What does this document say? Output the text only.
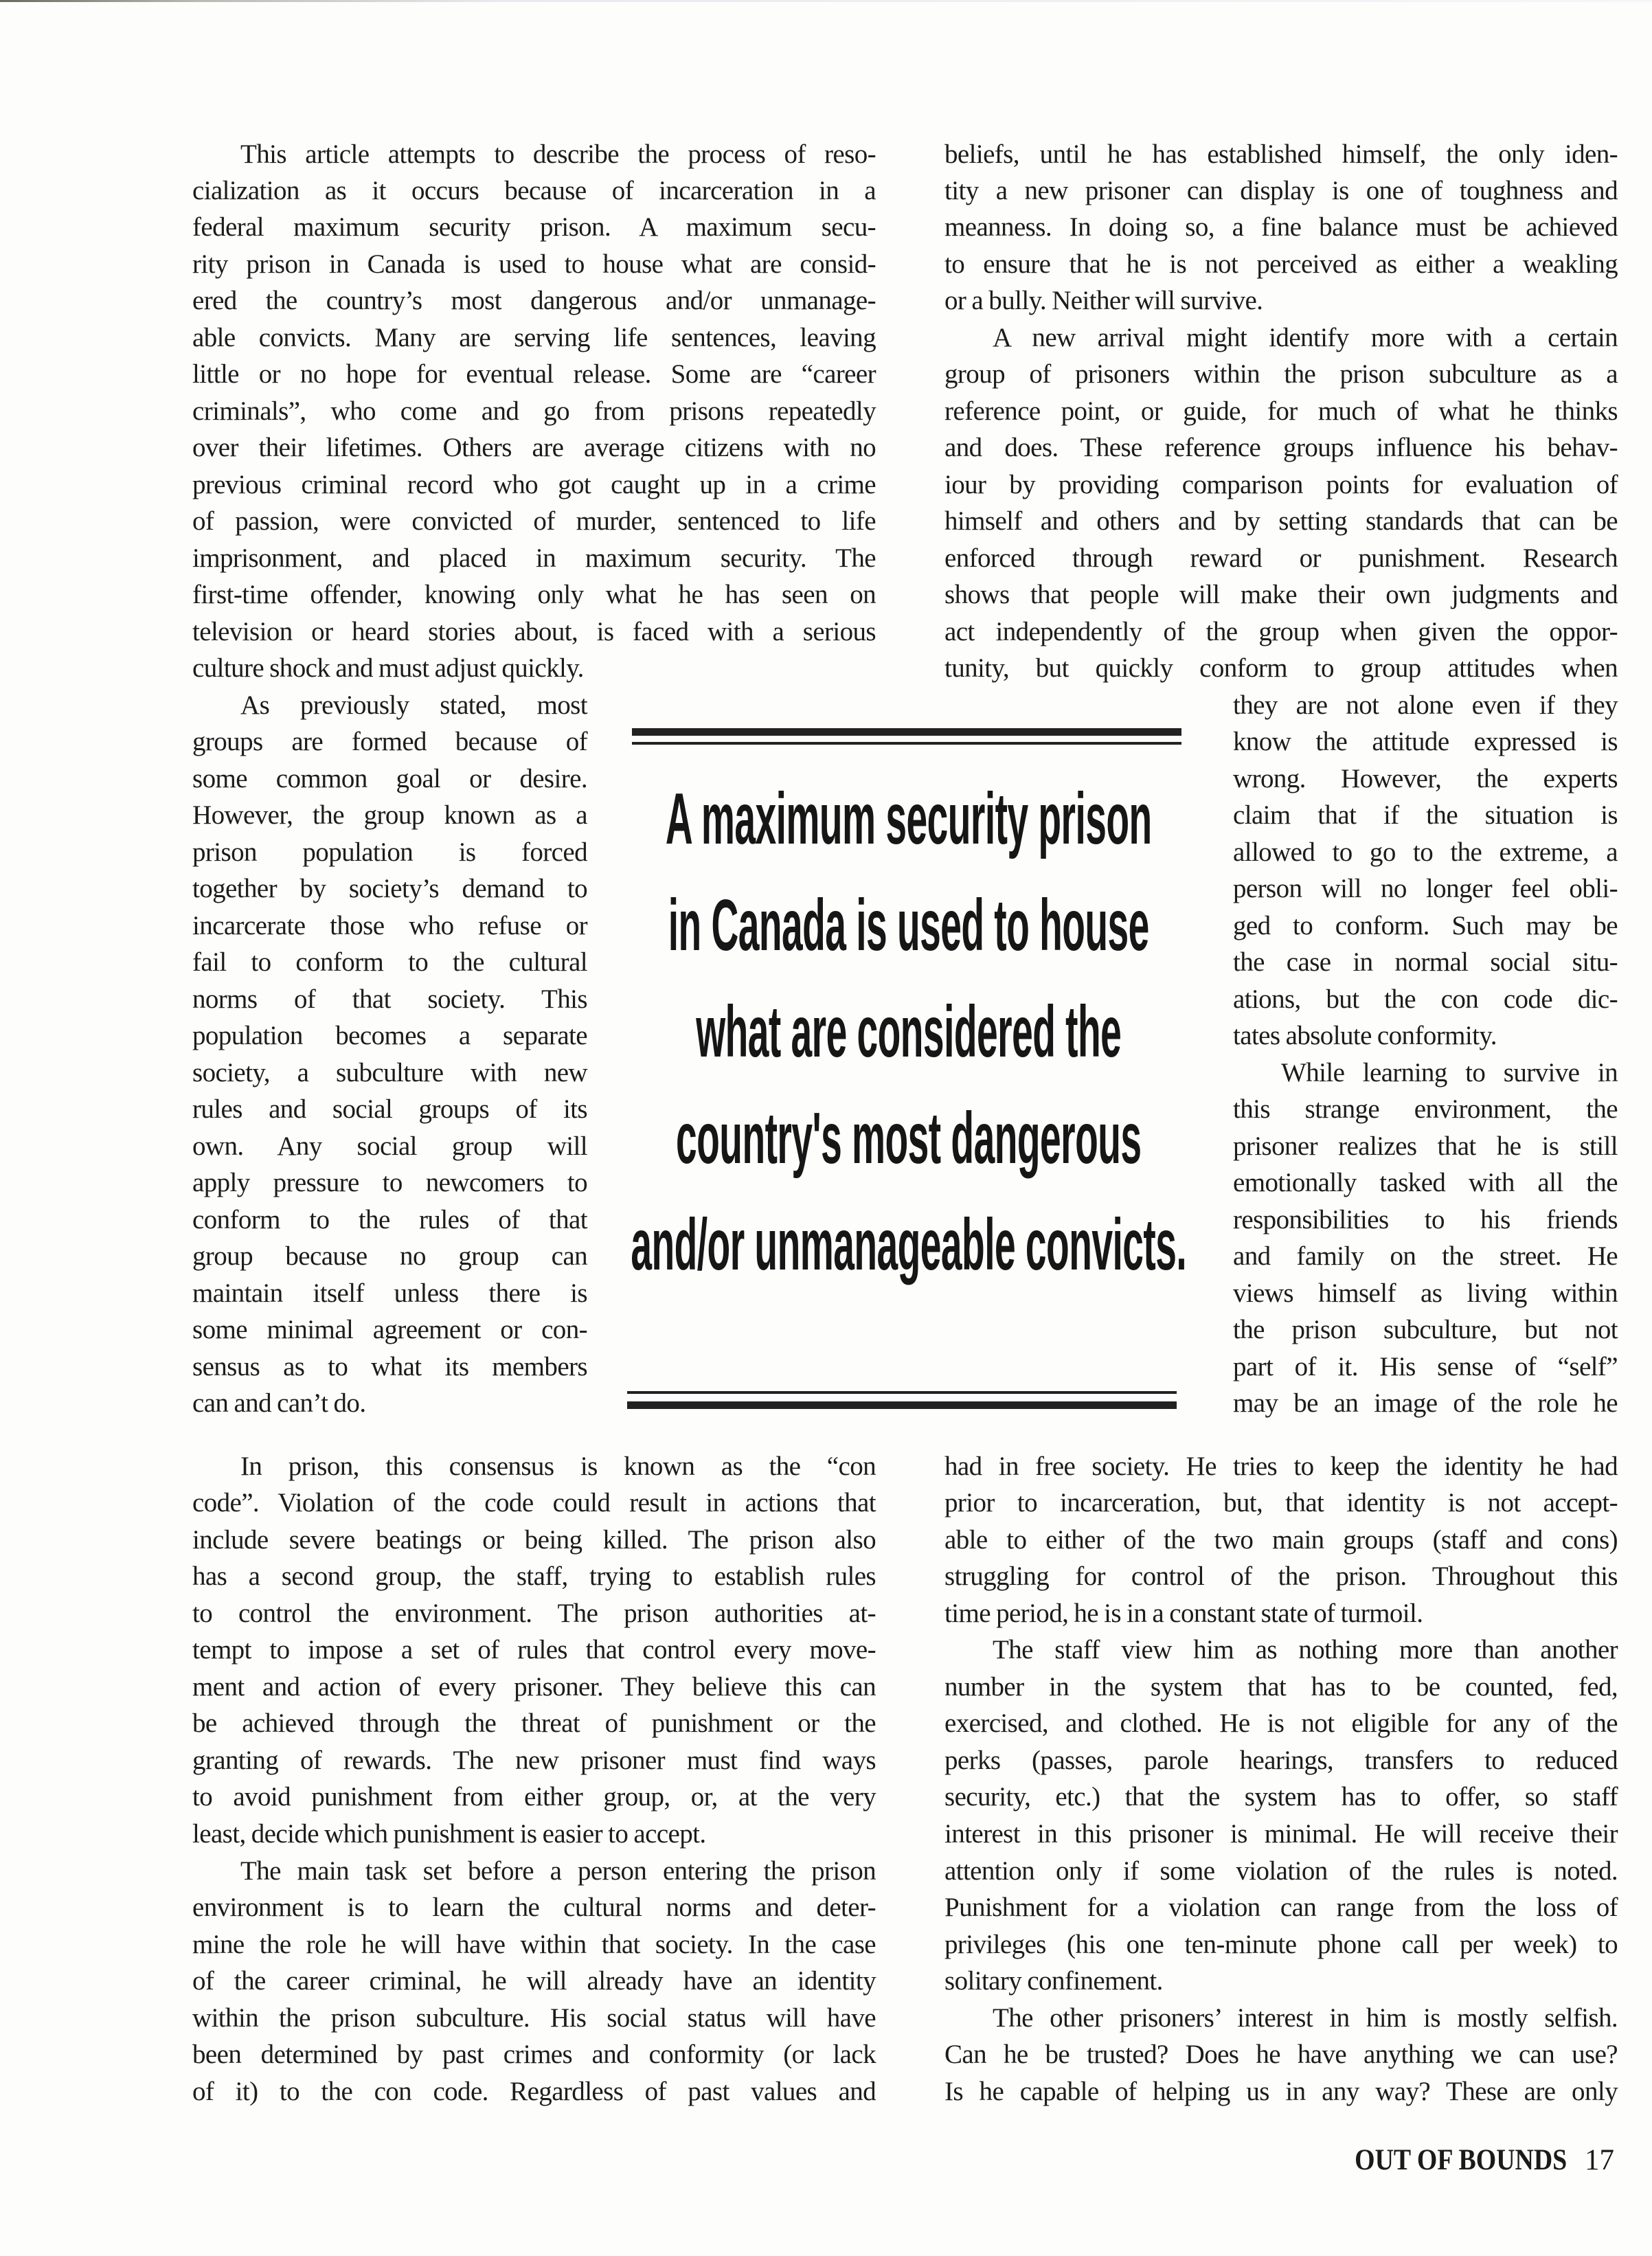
This article attempts to describe the process of reso-
cialization as it occurs because of incarceration in a
federal maximum security prison. A maximum secu-
rity prison in Canada is used to house what are consid-
ered the country’s most dangerous and/or unmanage-
able convicts. Many are serving life sentences, leaving
little or no hope for eventual release. Some are “career
criminals”, who come and go from prisons repeatedly
over their lifetimes. Others are average citizens with no
previous criminal record who got caught up in a crime
of passion, were convicted of murder, sentenced to life
imprisonment, and placed in maximum security. The
first-time offender, knowing only what he has seen on
television or heard stories about, is faced with a serious
culture shock and must adjust quickly.
beliefs, until he has established himself, the only iden-
tity a new prisoner can display is one of toughness and
meanness. In doing so, a fine balance must be achieved
to ensure that he is not perceived as either a weakling
or a bully. Neither will survive.
A new arrival might identify more with a certain
group of prisoners within the prison subculture as a
reference point, or guide, for much of what he thinks
and does. These reference groups influence his behav-
iour by providing comparison points for evaluation of
himself and others and by setting standards that can be
enforced through reward or punishment. Research
shows that people will make their own judgments and
act independently of the group when given the oppor-
tunity, but quickly conform to group attitudes when
As previously stated, most
groups are formed because of
some common goal or desire.
However, the group known as a
prison population is forced
together by society’s demand to
incarcerate those who refuse or
fail to conform to the cultural
norms of that society. This
population becomes a separate
society, a subculture with new
rules and social groups of its
own. Any social group will
apply pressure to newcomers to
conform to the rules of that
group because no group can
maintain itself unless there is
some minimal agreement or con-
sensus as to what its members
can and can’t do.
A maximum security prison
in Canada is used to house
what are considered the
country's most dangerous
and/or unmanageable convicts.
they are not alone even if they
know the attitude expressed is
wrong. However, the experts
claim that if the situation is
allowed to go to the extreme, a
person will no longer feel obli-
ged to conform. Such may be
the case in normal social situ-
ations, but the con code dic-
tates absolute conformity.
While learning to survive in
this strange environment, the
prisoner realizes that he is still
emotionally tasked with all the
responsibilities to his friends
and family on the street. He
views himself as living within
the prison subculture, but not
part of it. His sense of “self”
may be an image of the role he
In prison, this consensus is known as the “con
code”. Violation of the code could result in actions that
include severe beatings or being killed. The prison also
has a second group, the staff, trying to establish rules
to control the environment. The prison authorities at-
tempt to impose a set of rules that control every move-
ment and action of every prisoner. They believe this can
be achieved through the threat of punishment or the
granting of rewards. The new prisoner must find ways
to avoid punishment from either group, or, at the very
least, decide which punishment is easier to accept.
The main task set before a person entering the prison
environment is to learn the cultural norms and deter-
mine the role he will have within that society. In the case
of the career criminal, he will already have an identity
within the prison subculture. His social status will have
been determined by past crimes and conformity (or lack
of it) to the con code. Regardless of past values and
had in free society. He tries to keep the identity he had
prior to incarceration, but, that identity is not accept-
able to either of the two main groups (staff and cons)
struggling for control of the prison. Throughout this
time period, he is in a constant state of turmoil.
The staff view him as nothing more than another
number in the system that has to be counted, fed,
exercised, and clothed. He is not eligible for any of the
perks (passes, parole hearings, transfers to reduced
security, etc.) that the system has to offer, so staff
interest in this prisoner is minimal. He will receive their
attention only if some violation of the rules is noted.
Punishment for a violation can range from the loss of
privileges (his one ten-minute phone call per week) to
solitary confinement.
The other prisoners’ interest in him is mostly selfish.
Can he be trusted? Does he have anything we can use?
Is he capable of helping us in any way? These are only
OUT OF BOUNDS 17
